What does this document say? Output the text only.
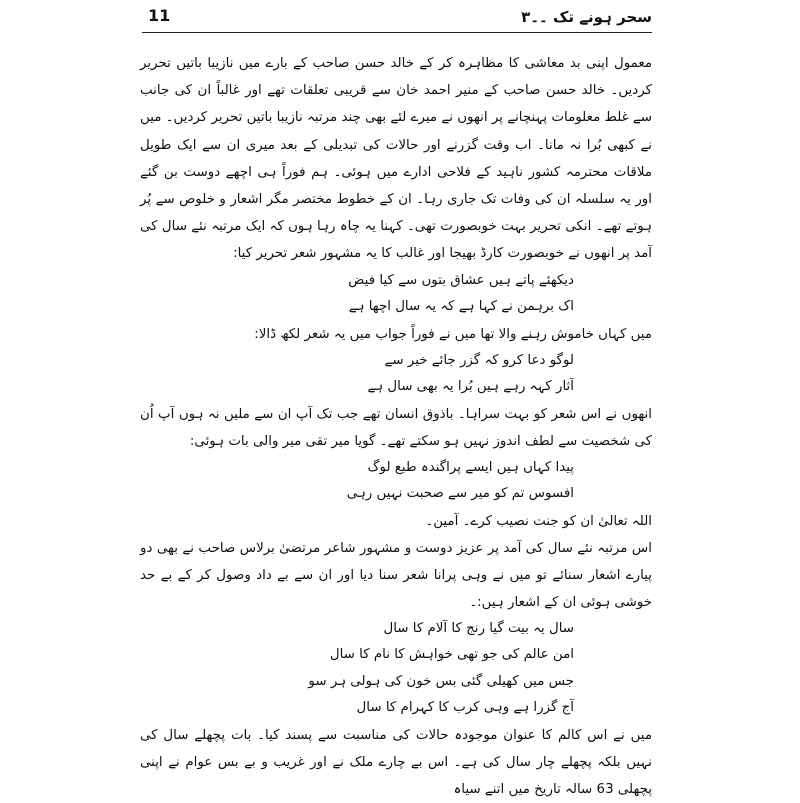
سحر ہونے تک ۔۔۳
11

معمول اپنی بد معاشی کا مظاہرہ کر کے خالد حسن صاحب کے بارے میں نازیبا باتیں تحریر کردیں۔ خالد حسن صاحب کے منیر احمد خان سے قریبی تعلقات تھے اور غالباً ان کی جانب سے غلط معلومات پہنچانے پر انھوں نے میرے لئے بھی چند مرتبہ نازیبا باتیں تحریر کردیں۔ میں نے کبھی بُرا نہ مانا۔ اب وقت گزرنے اور حالات کی تبدیلی کے بعد میری ان سے ایک طویل ملاقات محترمہ کشور ناہید کے فلاحی ادارے میں ہوئی۔ ہم فوراً ہی اچھے دوست بن گئے اور یہ سلسلہ ان کی وفات تک جاری رہا۔ ان کے خطوط مختصر مگر اشعار و خلوص سے پُر ہوتے تھے۔ انکی تحریر بہت خوبصورت تھی۔ کہنا یہ چاہ رہا ہوں کہ ایک مرتبہ نئے سال کی آمد پر انھوں نے خوبصورت کارڈ بھیجا اور غالب کا یہ مشہور شعر تحریر کیا:

دیکھئے پاتے ہیں عشاق بتوں سے کیا فیض
اک برہمن نے کہا ہے کہ یہ سال اچھا ہے

میں کہاں خاموش رہنے والا تھا میں نے فوراً جواب میں یہ شعر لکھ ڈالا:

لوگو دعا کرو کہ گزر جائے خیر سے
آثار کہہ رہے ہیں بُرا یہ بھی سال ہے

انھوں نے اس شعر کو بہت سراہا۔ باذوق انسان تھے جب تک آپ ان سے ملیں نہ ہوں آپ اُن کی شخصیت سے لطف اندوز نہیں ہو سکتے تھے۔ گویا میر تقی میر والی بات ہوئی:

پیدا کہاں ہیں ایسے پراگندہ طبع لوگ
افسوس تم کو میر سے صحبت نہیں رہی

اللہ تعالیٰ ان کو جنت نصیب کرے۔ آمین۔

اس مرتبہ نئے سال کی آمد پر عزیز دوست و مشہور شاعر مرتضیٰ برلاس صاحب نے بھی دو پیارے اشعار سنائے تو میں نے وہی پرانا شعر سنا دیا اور ان سے بے داد وصول کر کے بے حد خوشی ہوئی ان کے اشعار ہیں:۔

سال یہ بیت گیا رنج کا آلام کا سال
امن عالم کی جو تھی خواہش کا نام کا سال
جس میں کھیلی گئی بس خون کی ہولی ہر سو
آج گزرا ہے وہی کرب کا کہرام کا سال

میں نے اس کالم کا عنوان موجودہ حالات کی مناسبت سے پسند کیا۔ بات پچھلے سال کی نہیں بلکہ پچھلے چار سال کی ہے۔ اس بے چارے ملک نے اور غریب و بے بس عوام نے اپنی پچھلی 63 سالہ تاریخ میں اتنے سیاہ
